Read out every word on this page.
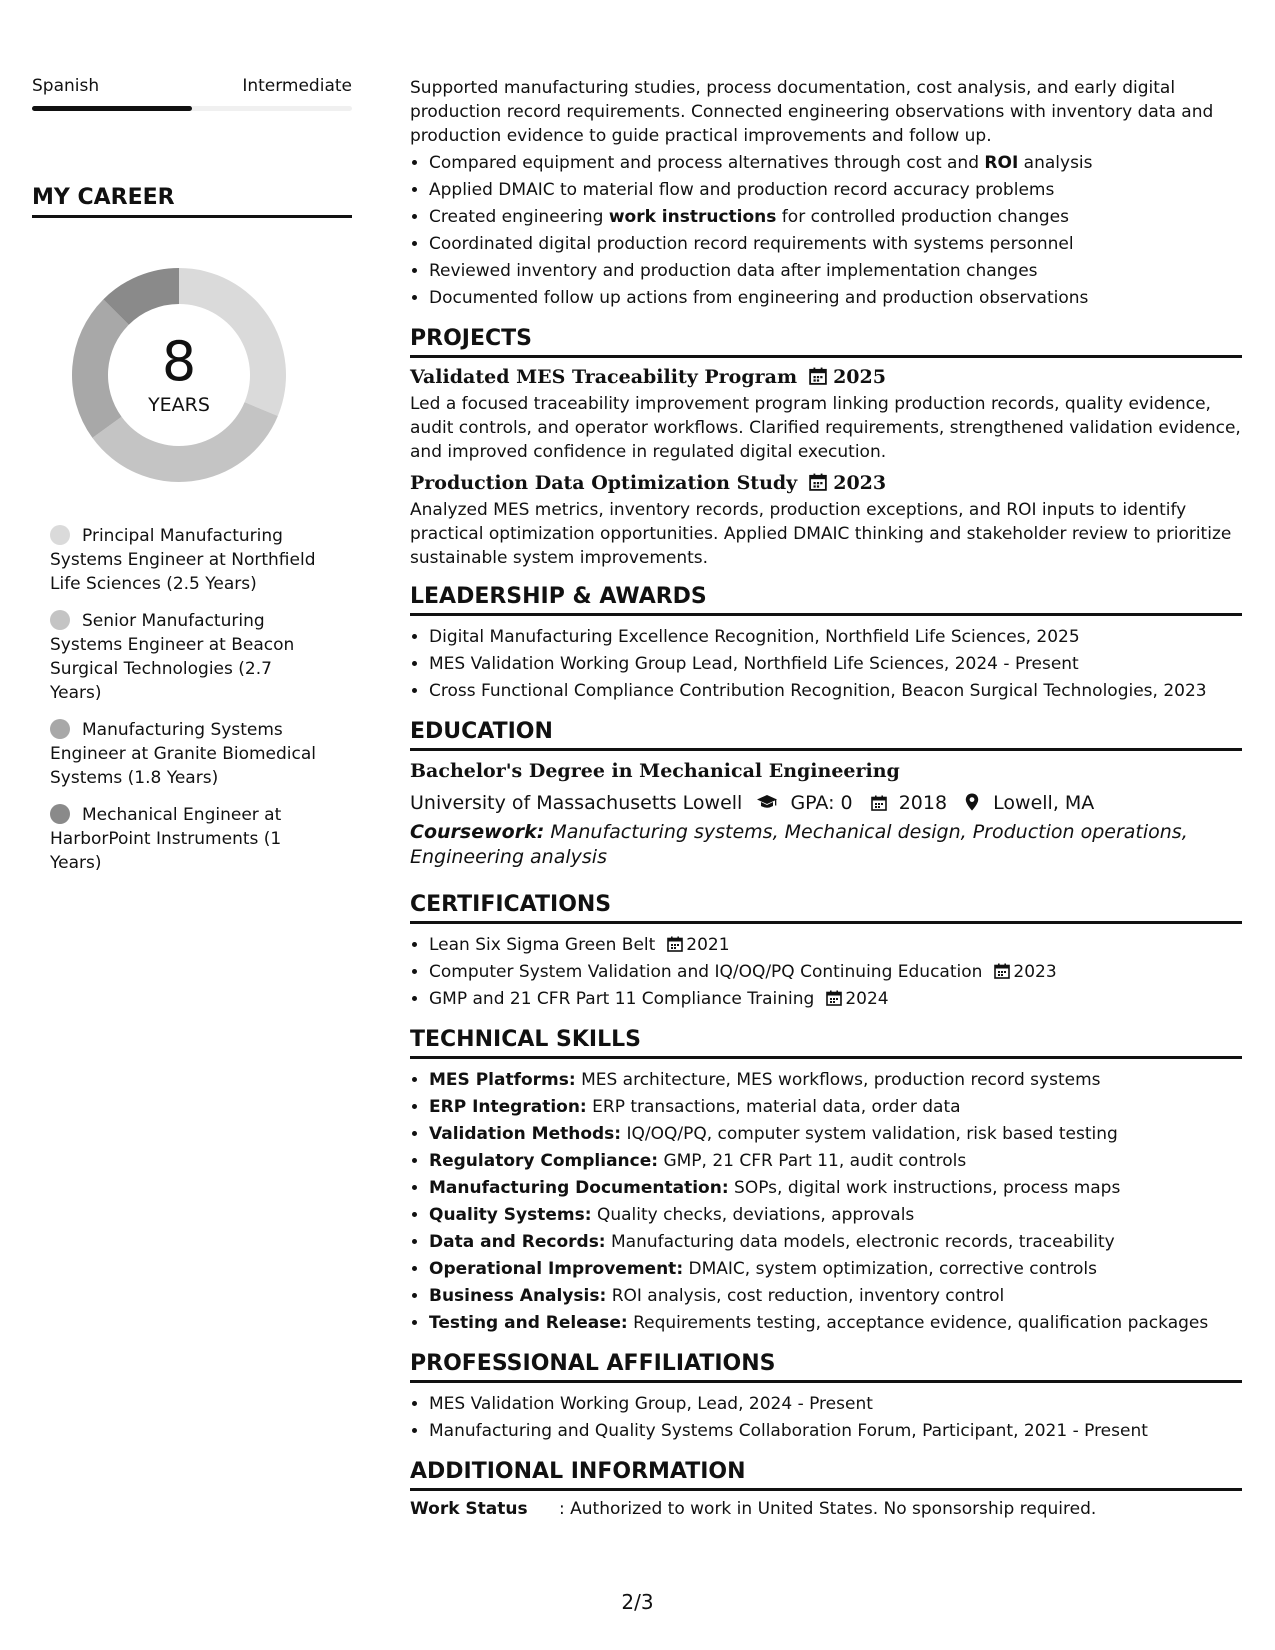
Spanish	Intermediate
MY CAREER
8
YEARS
Principal Manufacturing Systems Engineer at Northfield Life Sciences (2.5 Years)
Senior Manufacturing Systems Engineer at Beacon Surgical Technologies (2.7 Years)
Manufacturing Systems Engineer at Granite Biomedical Systems (1.8 Years)
Mechanical Engineer at HarborPoint Instruments (1 Years)

Supported manufacturing studies, process documentation, cost analysis, and early digital production record requirements. Connected engineering observations with inventory data and production evidence to guide practical improvements and follow up.

• Compared equipment and process alternatives through cost and ROI analysis
• Applied DMAIC to material flow and production record accuracy problems
• Created engineering work instructions for controlled production changes
• Coordinated digital production record requirements with systems personnel
• Reviewed inventory and production data after implementation changes
• Documented follow up actions from engineering and production observations
PROJECTS
Validated MES Traceability Program 2025

Led a focused traceability improvement program linking production records, quality evidence, audit controls, and operator workflows. Clarified requirements, strengthened validation evidence, and improved confidence in regulated digital execution.

Production Data Optimization Study 2023

Analyzed MES metrics, inventory records, production exceptions, and ROI inputs to identify practical optimization opportunities. Applied DMAIC thinking and stakeholder review to prioritize sustainable system improvements.

LEADERSHIP & AWARDS
• Digital Manufacturing Excellence Recognition, Northfield Life Sciences, 2025
• MES Validation Working Group Lead, Northfield Life Sciences, 2024 - Present
• Cross Functional Compliance Contribution Recognition, Beacon Surgical Technologies, 2023
EDUCATION
Bachelor's Degree in Mechanical Engineering
University of Massachusetts Lowell	GPA: 0 2018 Lowell, MA
Coursework: Manufacturing systems, Mechanical design, Production operations, Engineering analysis
CERTIFICATIONS
• Lean Six Sigma Green Belt 2021
• Computer System Validation and IQ/OQ/PQ Continuing Education 2023
• GMP and 21 CFR Part 11 Compliance Training 2024
TECHNICAL SKILLS
• MES Platforms: MES architecture, MES workflows, production record systems
• ERP Integration: ERP transactions, material data, order data
• Validation Methods: IQ/OQ/PQ, computer system validation, risk based testing
• Regulatory Compliance: GMP, 21 CFR Part 11, audit controls
• Manufacturing Documentation: SOPs, digital work instructions, process maps
• Quality Systems: Quality checks, deviations, approvals
• Data and Records: Manufacturing data models, electronic records, traceability
• Operational Improvement: DMAIC, system optimization, corrective controls
• Business Analysis: ROI analysis, cost reduction, inventory control
• Testing and Release: Requirements testing, acceptance evidence, qualification packages
PROFESSIONAL AFFILIATIONS
• MES Validation Working Group, Lead, 2024 - Present
• Manufacturing and Quality Systems Collaboration Forum, Participant, 2021 - Present
ADDITIONAL INFORMATION
Work Status	: Authorized to work in United States. No sponsorship required.
2/3
